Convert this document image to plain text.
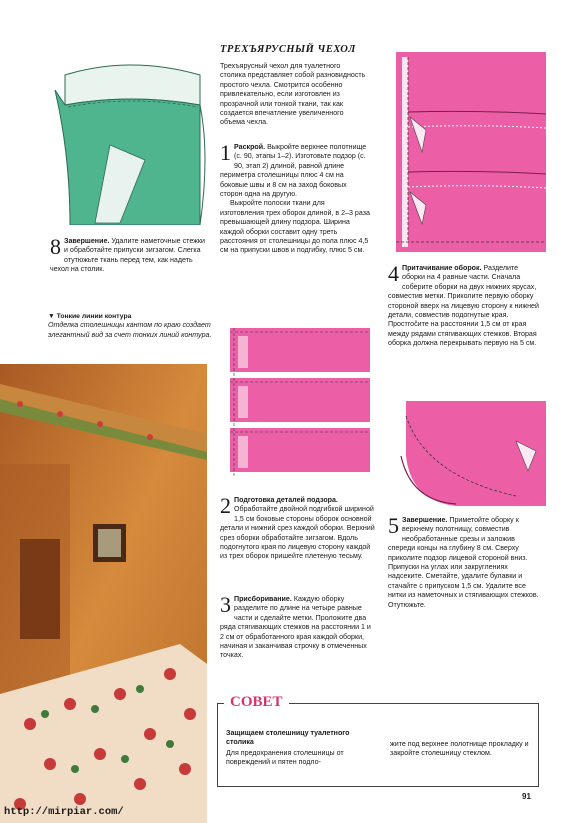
8 Завершение. Удалите наметочные стежки и обработайте припуски зигзагом. Слегка отутюжьте ткань перед тем, как надеть чехол на столик.

▼ Тонкие линии контура

Отделка столешницы кантом по краю создает элегантный вид за счет тонких линий контура.

ТРЕХЪЯРУСНЫЙ ЧЕХОЛ

Трехъярусный чехол для туалетного столика представляет собой разновидность простого чехла. Смотрится особенно привлекательно, если изготовлен из прозрачной или тонкой ткани, так как создается впечатление увеличенного объема чехла.

1 Раскрой. Выкройте верхнее полотнище (с. 90, этапы 1–2). Изготовьте подзор (с. 90, этап 2) длиной, равной длине периметра столешницы плюс 4 см на боковые швы и 8 см на заход боковых сторон одна на другую.

Выкройте полоски ткани для изготовления трех оборок длиной, в 2–3 раза превышающей длину подзора. Ширина каждой оборки составит одну треть расстояния от столешницы до пола плюс 4,5 см на припуски швов и подгибку, плюс 5 см.

4 Притачивание оборок. Разделите оборки на 4 равные части. Сначала соберите оборки на двух нижних ярусах, совместив метки. Приколите первую оборку стороной вверх на лицевую сторону к нижней детали, совместив подогнутые края. Простročите на расстоянии 1,5 см от края между рядами стягивающих стежков. Вторая оборка должна перекрывать первую на 5 см.

2 Подготовка деталей подзора. Обработайте двойной подгибкой шириной 1,5 см боковые стороны оборок основной детали и нижний срез каждой оборки. Верхний срез оборки обработайте зигзагом. Вдоль подогнутого края по лицевую сторону каждой из трех оборок пришейте плетеную тесьму.

3 Присборивание. Каждую оборку разделите по длине на четыре равные части и сделайте метки. Проложите два ряда стягивающих стежков на расстоянии 1 и 2 см от обработанного края каждой оборки, начиная и заканчивая строчку в отмеченных точках.

5 Завершение. Приметойте оборку к верхнему полотнищу, совместив необработанные срезы и заложив спереди концы на глубину 8 см. Сверху приколите подзор лицевой стороной вниз. Припуски на углах или закруглениях надсеките. Сметайте, удалите булавки и стачайте с припуском 1,5 см. Удалите все нитки из наметочных и стягивающих стежков. Отутюжьте.

СОВЕТ

Защищаем столешницу туалетного столика

Для предохранения столешницы от повреждений и пятен подло-

жите под верхнее полотнище прокладку и закройте столешницу стеклом.

91
http://mirpiar.com/
